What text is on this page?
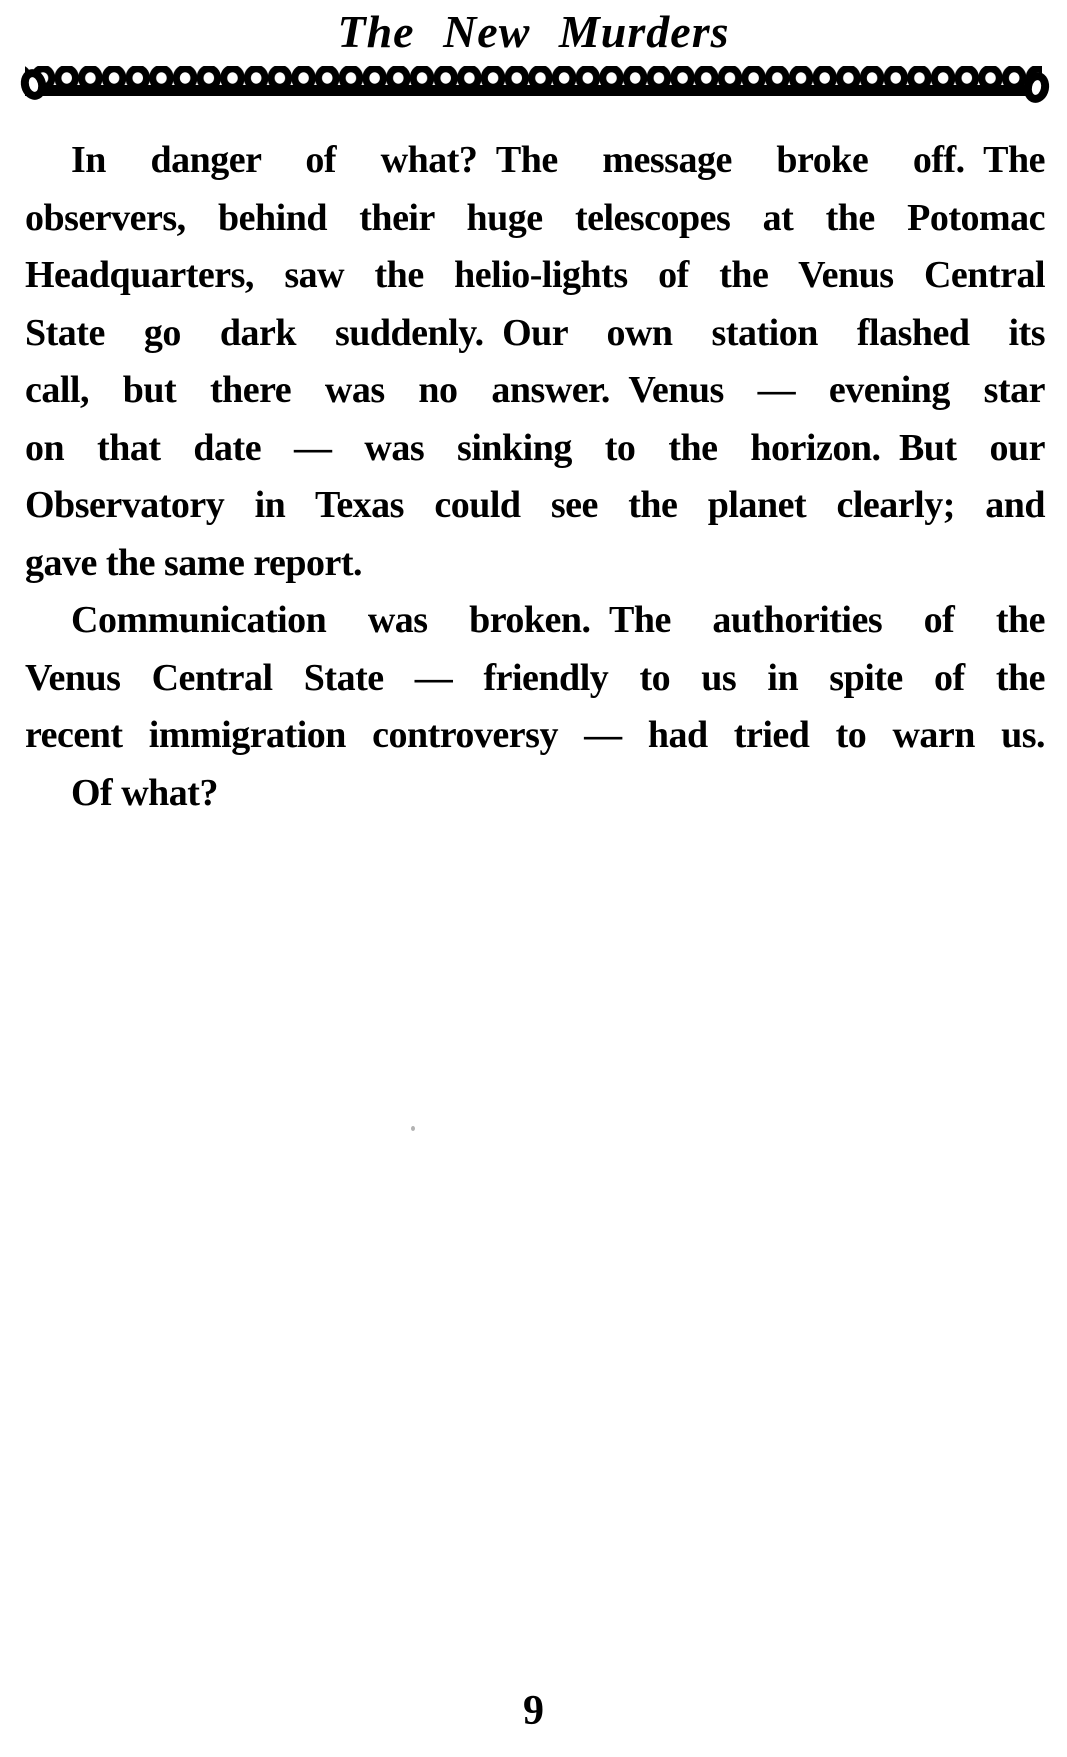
The New Murders
In danger of what? The message broke off. The
observers, behind their huge telescopes at the Potomac
Headquarters, saw the helio-lights of the Venus Central
State go dark suddenly. Our own station flashed its
call, but there was no answer. Venus — evening star
on that date — was sinking to the horizon. But our
Observatory in Texas could see the planet clearly; and
gave the same report.
Communication was broken. The authorities of the
Venus Central State — friendly to us in spite of the
recent immigration controversy — had tried to warn us.
Of what?
9
